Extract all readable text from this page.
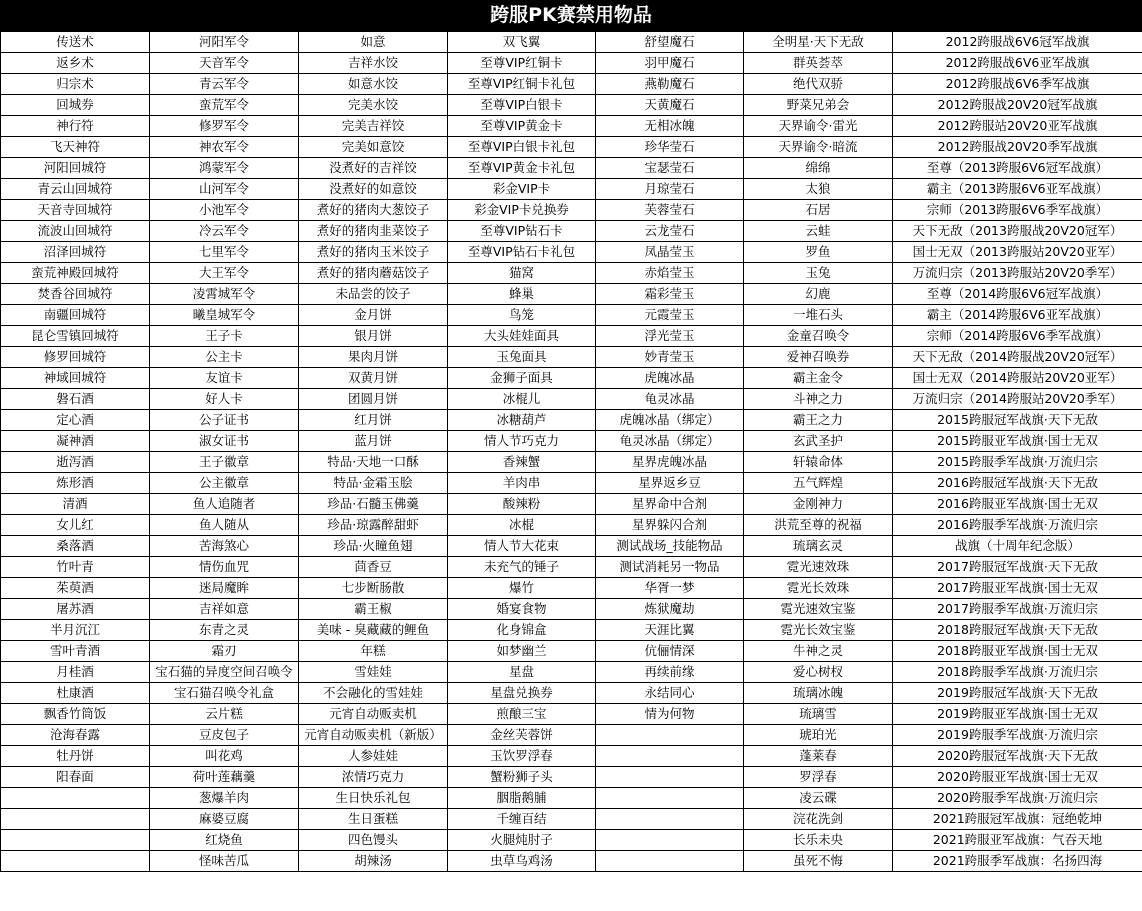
跨服PK赛禁用物品
传送术	河阳军令	如意	双飞翼	舒望魔石	全明星·天下无敌	2012跨服战6V6冠军战旗
返乡术	天音军令	吉祥水饺	至尊VIP红铜卡	羽甲魔石	群英荟萃	2012跨服战6V6亚军战旗
归宗术	青云军令	如意水饺	至尊VIP红铜卡礼包	燕勒魔石	绝代双骄	2012跨服战6V6季军战旗
回城券	蛮荒军令	完美水饺	至尊VIP白银卡	天黄魔石	野菜兄弟会	2012跨服战20V20冠军战旗
神行符	修罗军令	完美吉祥饺	至尊VIP黄金卡	无相冰魄	天界谕令·雷光	2012跨服站20V20亚军战旗
飞天神符	神农军令	完美如意饺	至尊VIP白银卡礼包	珍华莹石	天界谕令·暗流	2012跨服战20V20季军战旗
河阳回城符	鸿蒙军令	没煮好的吉祥饺	至尊VIP黄金卡礼包	宝瑟莹石	绵绵	至尊（2013跨服6V6冠军战旗）
青云山回城符	山河军令	没煮好的如意饺	彩金VIP卡	月琼莹石	太狼	霸主（2013跨服6V6亚军战旗）
天音寺回城符	小池军令	煮好的猪肉大葱饺子	彩金VIP卡兑换券	芙蓉莹石	石居	宗师（2013跨服6V6季军战旗）
流波山回城符	冷云军令	煮好的猪肉韭菜饺子	至尊VIP钻石卡	云龙莹石	云蛙	天下无敌（2013跨服战20V20冠军）
沼泽回城符	七里军令	煮好的猪肉玉米饺子	至尊VIP钻石卡礼包	凤晶莹玉	罗鱼	国士无双（2013跨服站20V20亚军）
蛮荒神殿回城符	大王军令	煮好的猪肉蘑菇饺子	猫窝	赤焰莹玉	玉兔	万流归宗（2013跨服站20V20季军）
焚香谷回城符	凌霄城军令	未品尝的饺子	蜂巢	霜彩莹玉	幻鹿	至尊（2014跨服6V6冠军战旗）
南疆回城符	曦皇城军令	金月饼	鸟笼	元霞莹玉	一堆石头	霸主（2014跨服6V6亚军战旗）
昆仑雪镇回城符	王子卡	银月饼	大头娃娃面具	浮光莹玉	金童召唤令	宗师（2014跨服6V6季军战旗）
修罗回城符	公主卡	果肉月饼	玉兔面具	妙青莹玉	爱神召唤券	天下无敌（2014跨服战20V20冠军）
神域回城符	友谊卡	双黄月饼	金狮子面具	虎魄冰晶	霸主金令	国士无双（2014跨服站20V20亚军）
磐石酒	好人卡	团圆月饼	冰棍儿	龟灵冰晶	斗神之力	万流归宗（2014跨服站20V20季军）
定心酒	公子证书	红月饼	冰糖葫芦	虎魄冰晶（绑定）	霸王之力	2015跨服冠军战旗·天下无敌
凝神酒	淑女证书	蓝月饼	情人节巧克力	龟灵冰晶（绑定）	玄武圣护	2015跨服亚军战旗·国士无双
逝泻酒	王子徽章	特品·天地一口酥	香辣蟹	星界虎魄冰晶	轩辕命体	2015跨服季军战旗·万流归宗
炼形酒	公主徽章	特品·金霜玉脍	羊肉串	星界返乡豆	五气辉煌	2016跨服冠军战旗·天下无敌
清酒	鱼人追随者	珍品·石髓玉佛羹	酸辣粉	星界命中合剂	金刚神力	2016跨服亚军战旗·国士无双
女儿红	鱼人随从	珍品·琼露醉甜虾	冰棍	星界躲闪合剂	洪荒至尊的祝福	2016跨服季军战旗·万流归宗
桑落酒	苦海煞心	珍品·火瞳鱼翅	情人节大花束	测试战场_技能物品	琉璃玄灵	战旗（十周年纪念版）
竹叶青	情伤血咒	茴香豆	未充气的锤子	测试消耗另一物品	霓光速效珠	2017跨服冠军战旗·天下无敌
茱萸酒	迷局魔眸	七步断肠散	爆竹	华胥一梦	霓光长效珠	2017跨服亚军战旗·国士无双
屠苏酒	吉祥如意	霸王椒	婚宴食物	炼狱魔劫	霓光速效宝鉴	2017跨服季军战旗·万流归宗
半月沉江	东青之灵	美味 - 臭藏藏的鲤鱼	化身锦盒	天涯比翼	霓光长效宝鉴	2018跨服冠军战旗·天下无敌
雪叶青酒	霜刃	年糕	如梦幽兰	伉俪情深	牛神之灵	2018跨服亚军战旗·国士无双
月桂酒	宝石猫的异度空间召唤令	雪娃娃	星盘	再续前缘	爱心树杈	2018跨服季军战旗·万流归宗
杜康酒	宝石猫召唤令礼盒	不会融化的雪娃娃	星盘兑换券	永结同心	琉璃冰魄	2019跨服冠军战旗·天下无敌
飘香竹筒饭	云片糕	元宵自动贩卖机	煎酿三宝	情为何物	琉璃雪	2019跨服亚军战旗·国士无双
沧海春露	豆皮包子	元宵自动贩卖机（新版）	金丝芙蓉饼		琥珀光	2019跨服季军战旗·万流归宗
牡丹饼	叫花鸡	人参娃娃	玉饮罗浮春		蓬莱春	2020跨服冠军战旗·天下无敌
阳春面	荷叶莲藕羹	浓情巧克力	蟹粉狮子头		罗浮春	2020跨服亚军战旗·国士无双
	葱爆羊肉	生日快乐礼包	胭脂鹅脯		凌云碟	2020跨服季军战旗·万流归宗
	麻婆豆腐	生日蛋糕	千缠百结		浣花洗剑	2021跨服冠军战旗：冠绝乾坤
	红烧鱼	四色馒头	火腿炖肘子		长乐未央	2021跨服亚军战旗：气吞天地
	怪味苦瓜	胡辣汤	虫草乌鸡汤		虽死不悔	2021跨服季军战旗：名扬四海
